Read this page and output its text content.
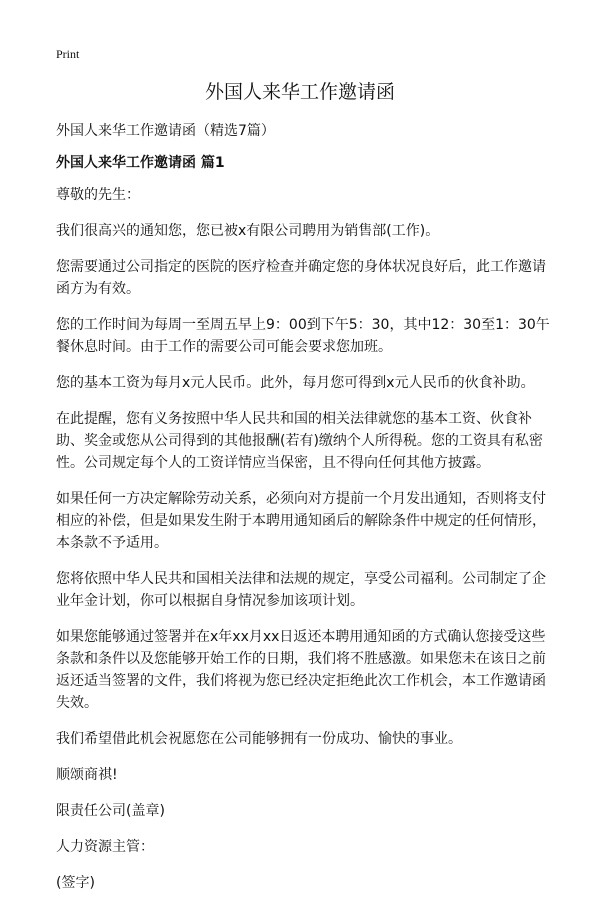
Print
外国人来华工作邀请函

外国人来华工作邀请函（精选7篇）

外国人来华工作邀请函 篇1

尊敬的先生：

我们很高兴的通知您，您已被x有限公司聘用为销售部(工作)。

您需要通过公司指定的医院的医疗检查并确定您的身体状况良好后，此工作邀请函方为有效。

您的工作时间为每周一至周五早上9：00到下午5：30，其中12：30至1：30午餐休息时间。由于工作的需要公司可能会要求您加班。

您的基本工资为每月x元人民币。此外，每月您可得到x元人民币的伙食补助。

在此提醒，您有义务按照中华人民共和国的相关法律就您的基本工资、伙食补助、奖金或您从公司得到的其他报酬(若有)缴纳个人所得税。您的工资具有私密性。公司规定每个人的工资详情应当保密，且不得向任何其他方披露。

如果任何一方决定解除劳动关系，必须向对方提前一个月发出通知，否则将支付相应的补偿，但是如果发生附于本聘用通知函后的解除条件中规定的任何情形，本条款不予适用。

您将依照中华人民共和国相关法律和法规的规定，享受公司福利。公司制定了企业年金计划，你可以根据自身情况参加该项计划。

如果您能够通过签署并在x年xx月xx日返还本聘用通知函的方式确认您接受这些条款和条件以及您能够开始工作的日期，我们将不胜感激。如果您未在该日之前返还适当签署的文件，我们将视为您已经决定拒绝此次工作机会，本工作邀请函失效。

我们希望借此机会祝愿您在公司能够拥有一份成功、愉快的事业。

顺颂商祺!

限责任公司(盖章)

人力资源主管：

(签字)
